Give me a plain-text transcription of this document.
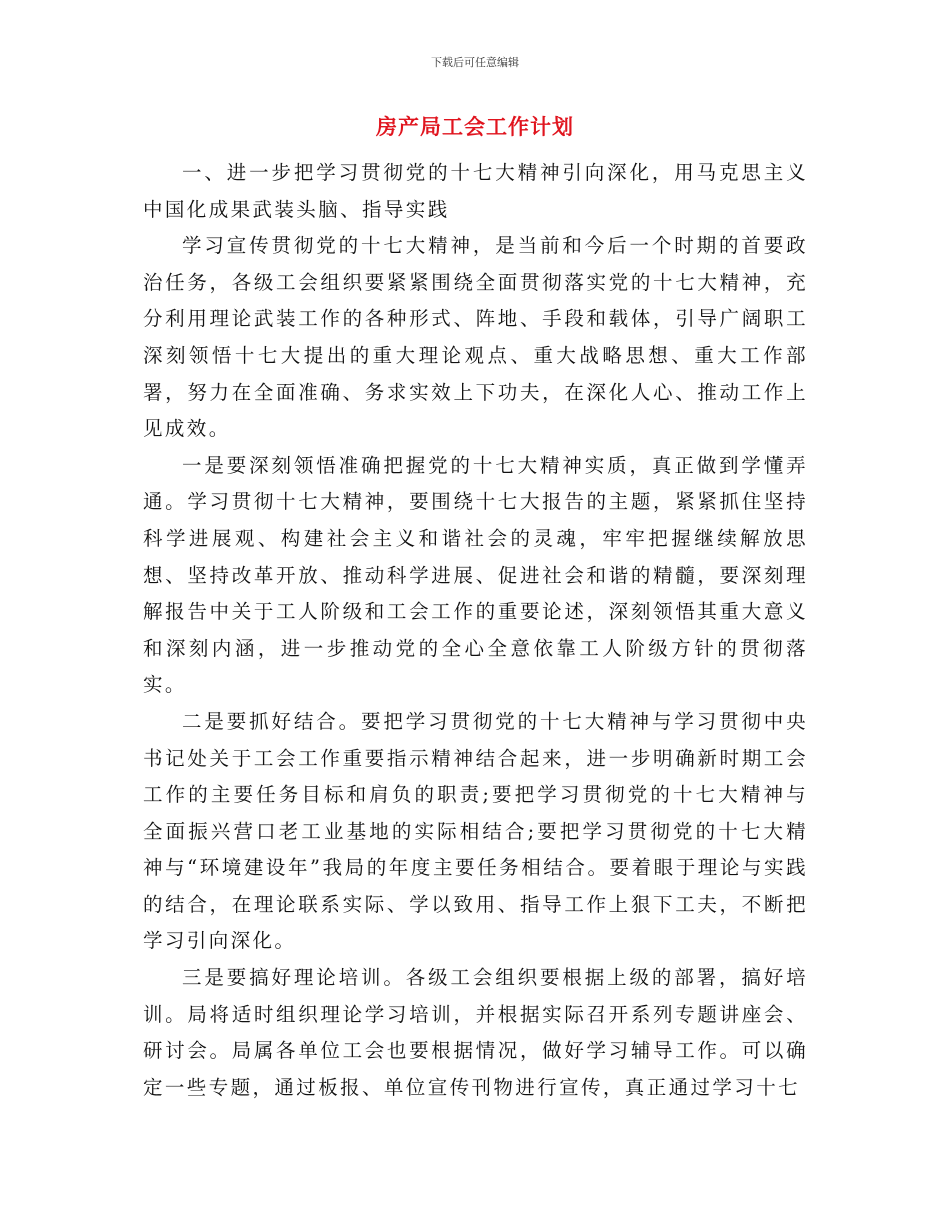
下载后可任意编辑
房产局工会工作计划

一、进一步把学习贯彻党的十七大精神引向深化，用马克思主义中国化成果武装头脑、指导实践

学习宣传贯彻党的十七大精神，是当前和今后一个时期的首要政治任务，各级工会组织要紧紧围绕全面贯彻落实党的十七大精神，充分利用理论武装工作的各种形式、阵地、手段和载体，引导广阔职工深刻领悟十七大提出的重大理论观点、重大战略思想、重大工作部署，努力在全面准确、务求实效上下功夫，在深化人心、推动工作上见成效。

一是要深刻领悟准确把握党的十七大精神实质，真正做到学懂弄通。学习贯彻十七大精神，要围绕十七大报告的主题，紧紧抓住坚持科学进展观、构建社会主义和谐社会的灵魂，牢牢把握继续解放思想、坚持改革开放、推动科学进展、促进社会和谐的精髓，要深刻理解报告中关于工人阶级和工会工作的重要论述，深刻领悟其重大意义和深刻内涵，进一步推动党的全心全意依靠工人阶级方针的贯彻落实。

二是要抓好结合。要把学习贯彻党的十七大精神与学习贯彻中央书记处关于工会工作重要指示精神结合起来，进一步明确新时期工会工作的主要任务目标和肩负的职责;要把学习贯彻党的十七大精神与全面振兴营口老工业基地的实际相结合;要把学习贯彻党的十七大精神与“环境建设年”我局的年度主要任务相结合。要着眼于理论与实践的结合，在理论联系实际、学以致用、指导工作上狠下工夫，不断把学习引向深化。

三是要搞好理论培训。各级工会组织要根据上级的部署，搞好培训。局将适时组织理论学习培训，并根据实际召开系列专题讲座会、研讨会。局属各单位工会也要根据情况，做好学习辅导工作。可以确定一些专题，通过板报、单位宣传刊物进行宣传，真正通过学习十七
